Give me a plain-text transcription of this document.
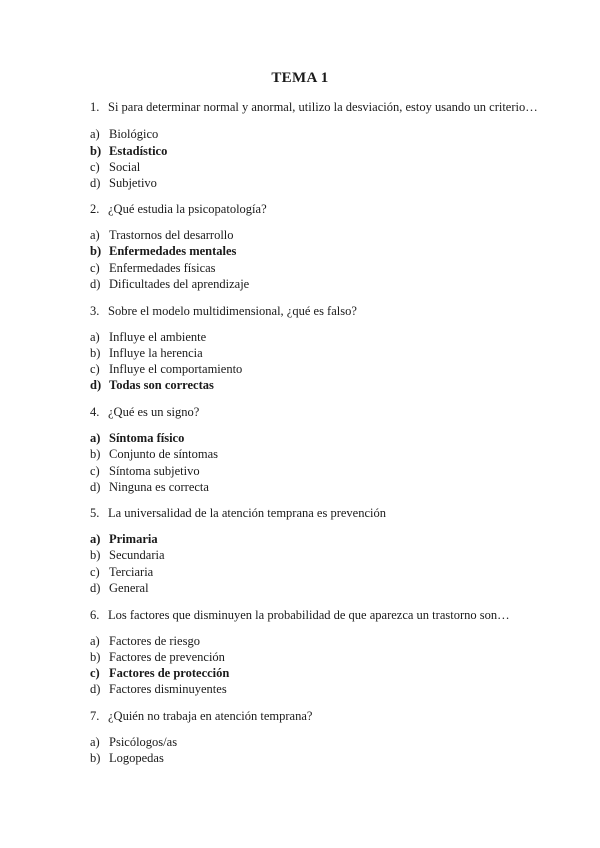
TEMA 1
1. Si para determinar normal y anormal, utilizo la desviación, estoy usando un criterio…
a) Biológico
b) Estadístico
c) Social
d) Subjetivo
2. ¿Qué estudia la psicopatología?
a) Trastornos del desarrollo
b) Enfermedades mentales
c) Enfermedades físicas
d) Dificultades del aprendizaje
3. Sobre el modelo multidimensional, ¿qué es falso?
a) Influye el ambiente
b) Influye la herencia
c) Influye el comportamiento
d) Todas son correctas
4. ¿Qué es un signo?
a) Síntoma físico
b) Conjunto de síntomas
c) Síntoma subjetivo
d) Ninguna es correcta
5. La universalidad de la atención temprana es prevención
a) Primaria
b) Secundaria
c) Terciaria
d) General
6. Los factores que disminuyen la probabilidad de que aparezca un trastorno son…
a) Factores de riesgo
b) Factores de prevención
c) Factores de protección
d) Factores disminuyentes
7. ¿Quién no trabaja en atención temprana?
a) Psicólogos/as
b) Logopedas
